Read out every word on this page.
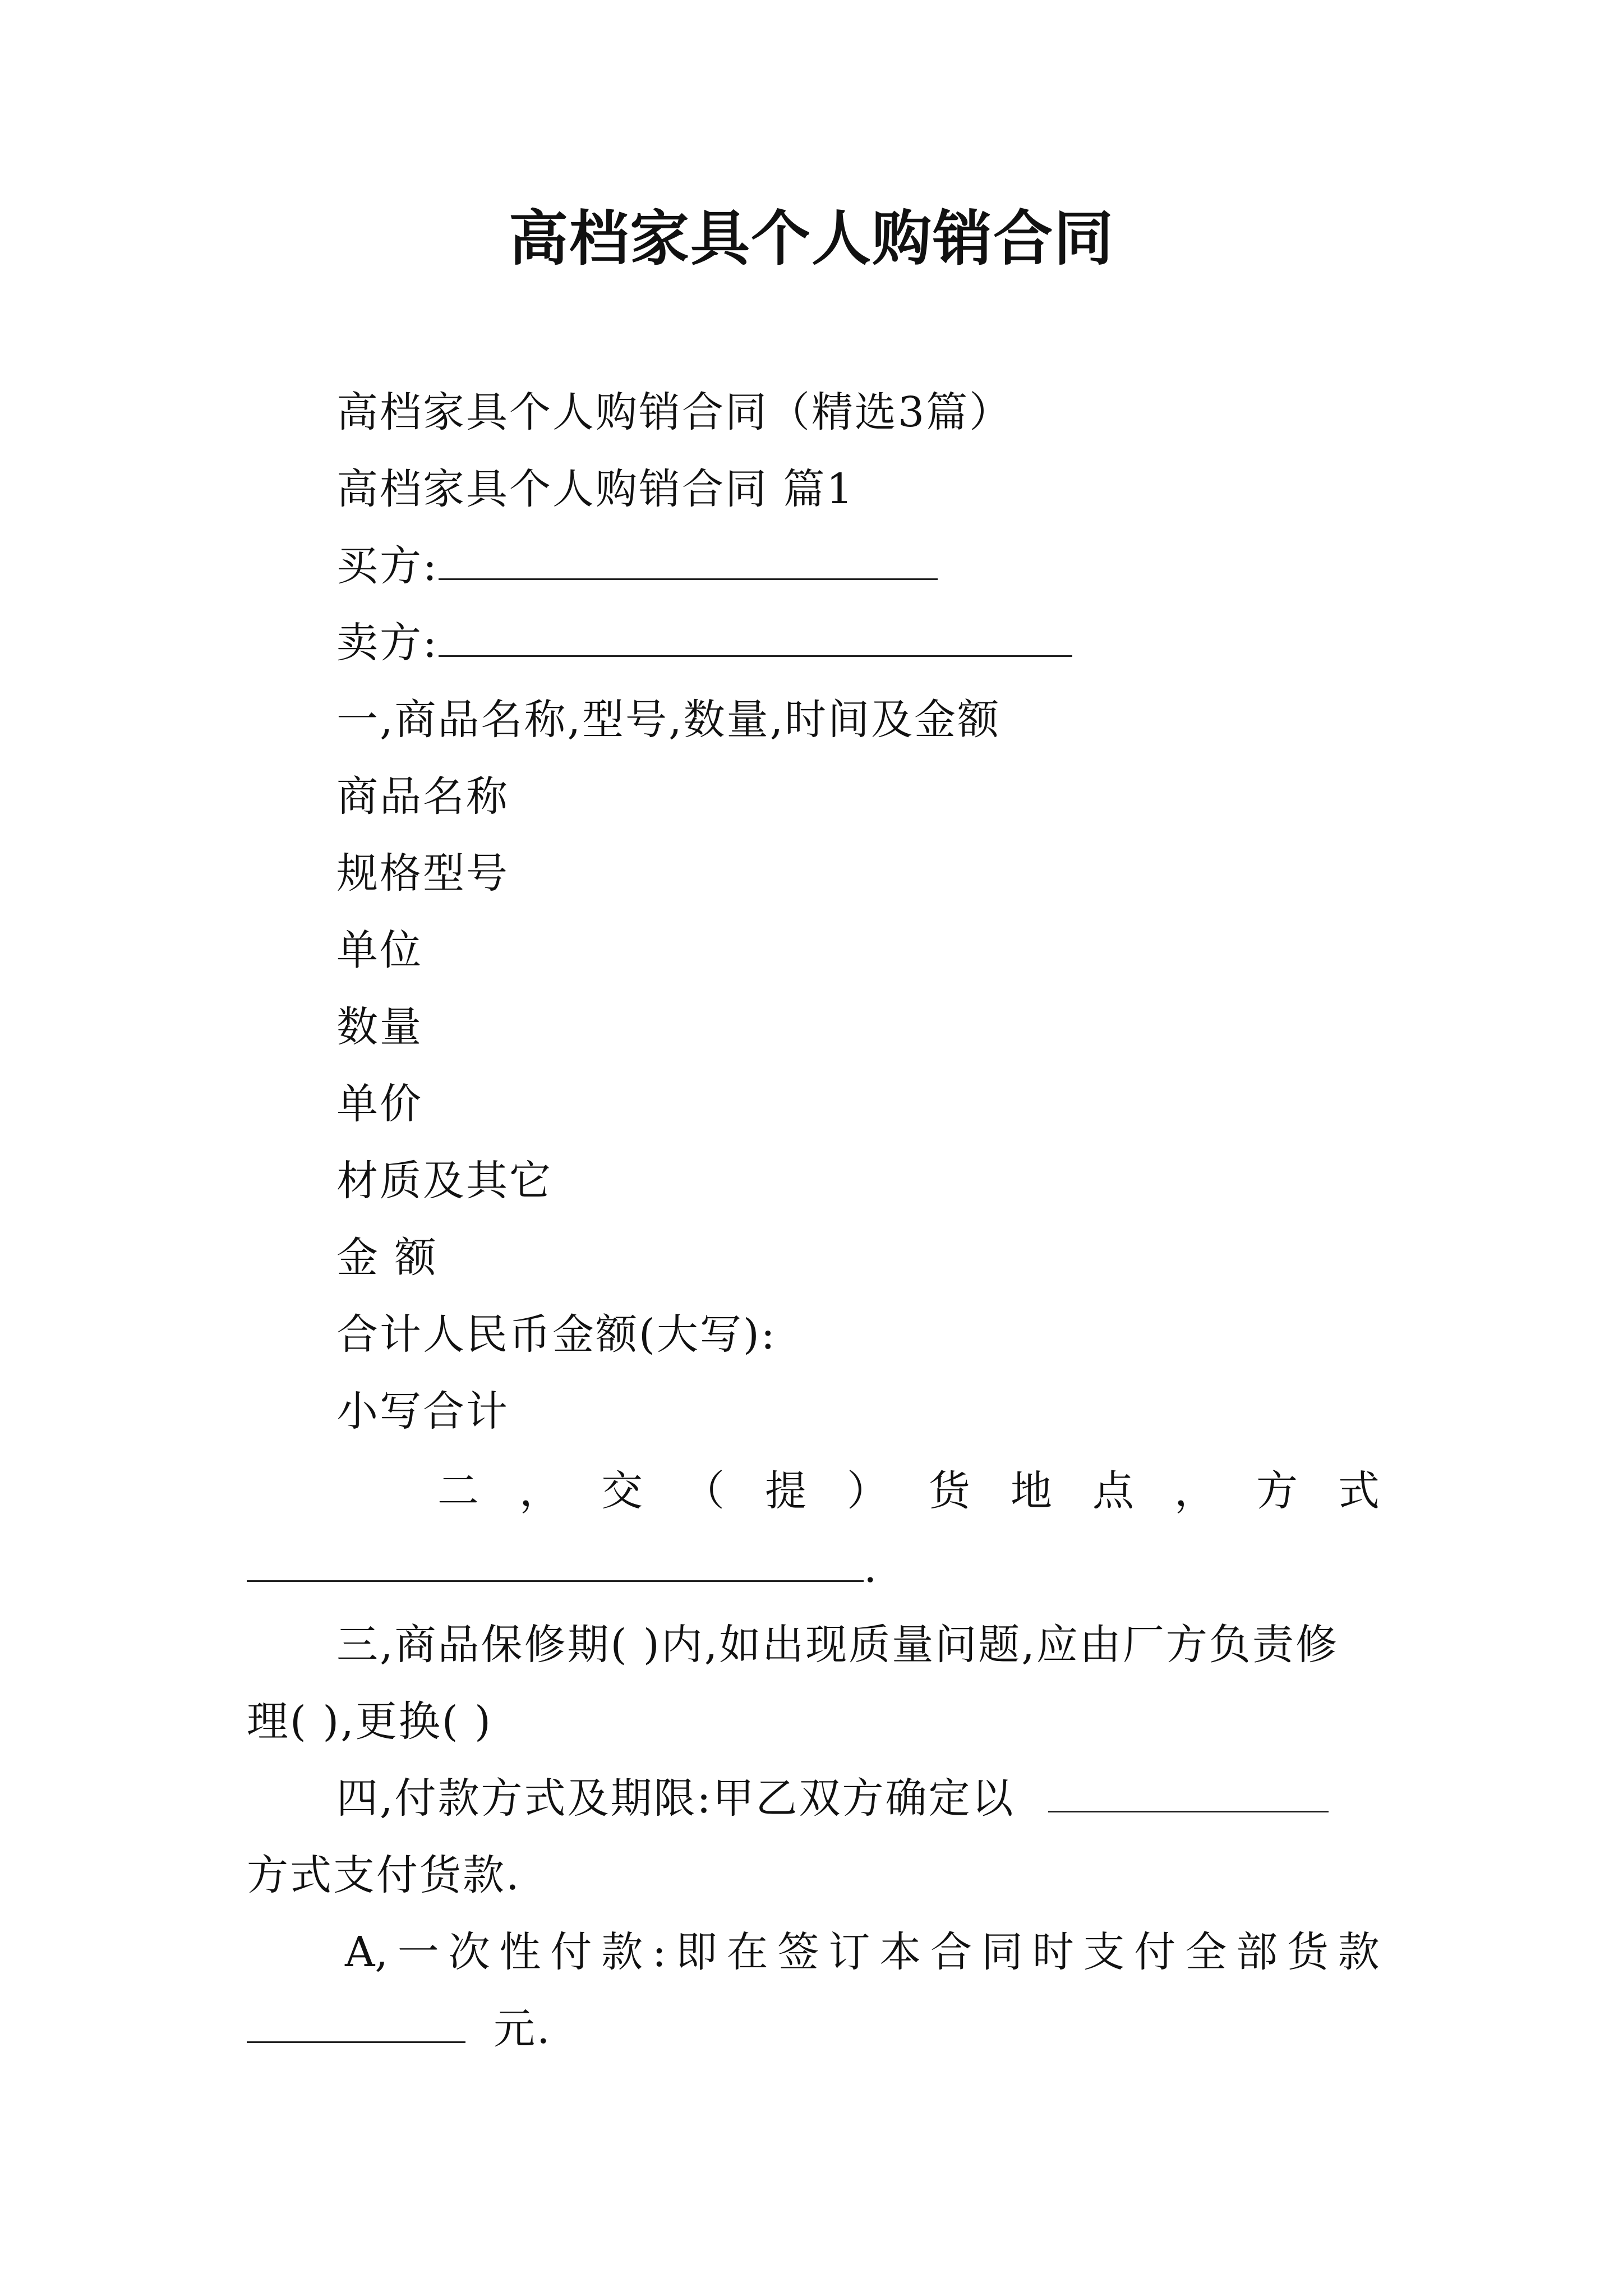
高档家具个人购销合同
高档家具个人购销合同（精选3篇）
高档家具个人购销合同 篇1
买方:
卖方:
一,商品名称,型号,数量,时间及金额
商品名称
规格型号
单位
数量
单价
材质及其它
金 额
合计人民币金额(大写):
小写合计
二 ， 交 （ 提 ） 货 地 点 ， 方 式
.
三,商品保修期( )内,如出现质量问题,应由厂方负责修
理( ),更换( )
四,付款方式及期限:甲乙双方确定以
方式支付货款.
A, 一 次 性 付 款 : 即 在 签 订 本 合 同 时 支 付 全 部 货 款
元.
